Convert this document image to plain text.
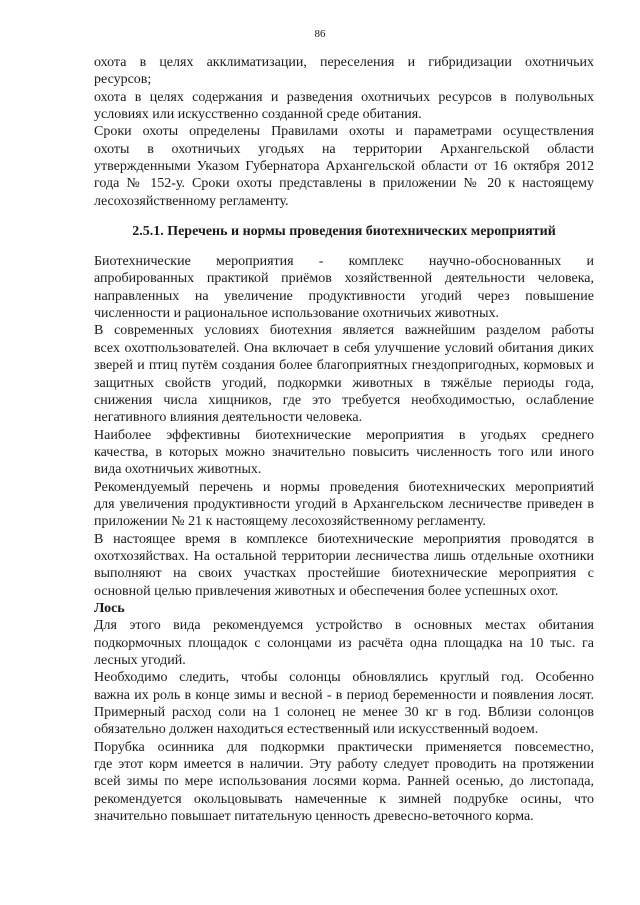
86

охота в целях акклиматизации, переселения и гибридизации охотничьих
ресурсов;

охота в целях содержания и разведения охотничьих ресурсов в полувольных
условиях или искусственно созданной среде обитания.

Сроки охоты определены Правилами охоты и параметрами осуществления
охоты в охотничьих угодьях на территории Архангельской области
утвержденными Указом Губернатора Архангельской области от 16 октября 2012
года № 152-у. Сроки охоты представлены в приложении № 20 к настоящему
лесохозяйственному регламенту.

2.5.1. Перечень и нормы проведения биотехнических мероприятий

Биотехнические мероприятия - комплекс научно-обоснованных и
апробированных практикой приёмов хозяйственной деятельности человека,
направленных на увеличение продуктивности угодий через повышение
численности и рациональное использование охотничьих животных.

В современных условиях биотехния является важнейшим разделом работы
всех охотпользователей. Она включает в себя улучшение условий обитания диких
зверей и птиц путём создания более благоприятных гнездопригодных, кормовых и
защитных свойств угодий, подкормки животных в тяжёлые периоды года,
снижения числа хищников, где это требуется необходимостью, ослабление
негативного влияния деятельности человека.

Наиболее эффективны биотехнические мероприятия в угодьях среднего
качества, в которых можно значительно повысить численность того или иного
вида охотничьих животных.

Рекомендуемый перечень и нормы проведения биотехнических мероприятий
для увеличения продуктивности угодий в Архангельском лесничестве приведен в
приложении № 21 к настоящему лесохозяйственному регламенту.

В настоящее время в комплексе биотехнические мероприятия проводятся в
охотхозяйствах. На остальной территории лесничества лишь отдельные охотники
выполняют на своих участках простейшие биотехнические мероприятия с
основной целью привлечения животных и обеспечения более успешных охот.

Лось

Для этого вида рекомендуемся устройство в основных местах обитания
подкормочных площадок с солонцами из расчёта одна площадка на 10 тыс. га
лесных угодий.

Необходимо следить, чтобы солонцы обновлялись круглый год. Особенно
важна их роль в конце зимы и весной - в период беременности и появления лосят.
Примерный расход соли на 1 солонец не менее 30 кг в год. Вблизи солонцов
обязательно должен находиться естественный или искусственный водоем.

Порубка осинника для подкормки практически применяется повсеместно,
где этот корм имеется в наличии. Эту работу следует проводить на протяжении
всей зимы по мере использования лосями корма. Ранней осенью, до листопада,
рекомендуется окольцовывать намеченные к зимней подрубке осины, что
значительно повышает питательную ценность древесно-веточного корма.
